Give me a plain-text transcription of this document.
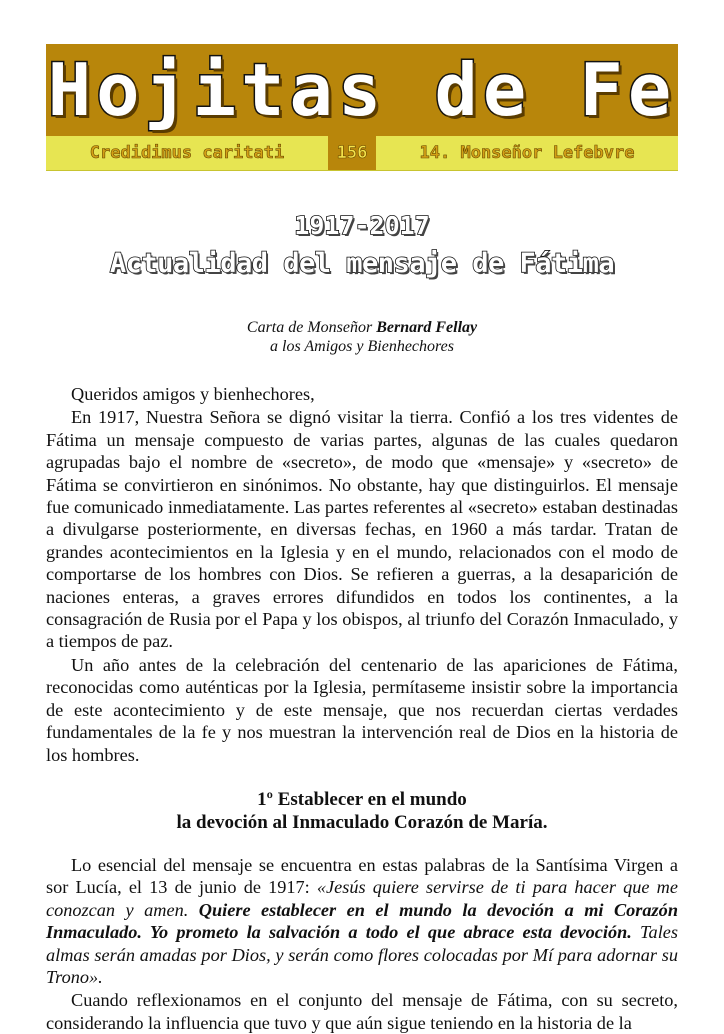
Hojitas de Fe
Credidimus caritati	156	14. Monseñor Lefebvre
1917-2017
Actualidad del mensaje de Fátima
Carta de Monseñor Bernard Fellay
a los Amigos y Bienhechores

Queridos amigos y bienhechores,

En 1917, Nuestra Señora se dignó visitar la tierra. Confió a los tres videntes de Fátima un mensaje compuesto de varias partes, algunas de las cuales quedaron agrupadas bajo el nombre de «secreto», de modo que «mensaje» y «secreto» de Fátima se convirtieron en sinónimos. No obstante, hay que distinguirlos. El mensaje fue comunicado inmediatamente. Las partes referentes al «secreto» estaban destinadas a divulgarse posteriormente, en diversas fechas, en 1960 a más tardar. Tratan de grandes acontecimientos en la Iglesia y en el mundo, relacionados con el modo de comportarse de los hombres con Dios. Se refieren a guerras, a la desaparición de naciones enteras, a graves errores difundidos en todos los continentes, a la consagración de Rusia por el Papa y los obispos, al triunfo del Corazón Inmaculado, y a tiempos de paz.

Un año antes de la celebración del centenario de las apariciones de Fátima, reconocidas como auténticas por la Iglesia, permítaseme insistir sobre la importancia de este acontecimiento y de este mensaje, que nos recuerdan ciertas verdades fundamentales de la fe y nos muestran la intervención real de Dios en la historia de los hombres.

1º Establecer en el mundo
la devoción al Inmaculado Corazón de María.

Lo esencial del mensaje se encuentra en estas palabras de la Santísima Virgen a sor Lucía, el 13 de junio de 1917: «Jesús quiere servirse de ti para hacer que me conozcan y amen. Quiere establecer en el mundo la devoción a mi Corazón Inmaculado. Yo prometo la salvación a todo el que abrace esta devoción. Tales almas serán amadas por Dios, y serán como flores colocadas por Mí para adornar su Trono».

Cuando reflexionamos en el conjunto del mensaje de Fátima, con su secreto, considerando la influencia que tuvo y que aún sigue teniendo en la historia de la
